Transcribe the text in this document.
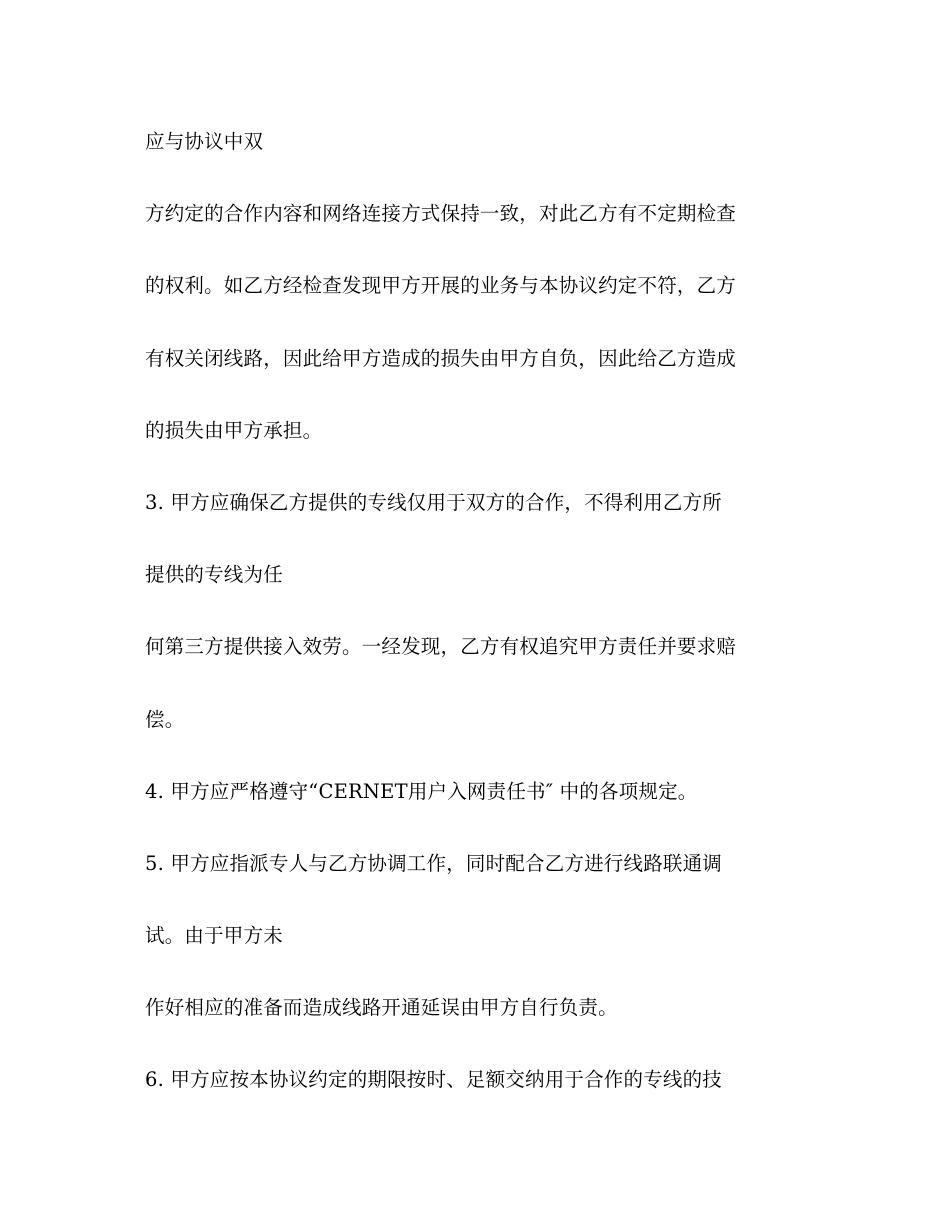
应与协议中双
方约定的合作内容和网络连接方式保持一致，对此乙方有不定期检查
的权利。如乙方经检查发现甲方开展的业务与本协议约定不符，乙方
有权关闭线路，因此给甲方造成的损失由甲方自负，因此给乙方造成
的损失由甲方承担。
3. 甲方应确保乙方提供的专线仅用于双方的合作，不得利用乙方所
提供的专线为任
何第三方提供接入效劳。一经发现，乙方有权追究甲方责任并要求赔
偿。
4. 甲方应严格遵守“CERNET用户入网责任书″ 中的各项规定。
5. 甲方应指派专人与乙方协调工作，同时配合乙方进行线路联通调
试。由于甲方未
作好相应的准备而造成线路开通延误由甲方自行负责。
6. 甲方应按本协议约定的期限按时、足额交纳用于合作的专线的技
